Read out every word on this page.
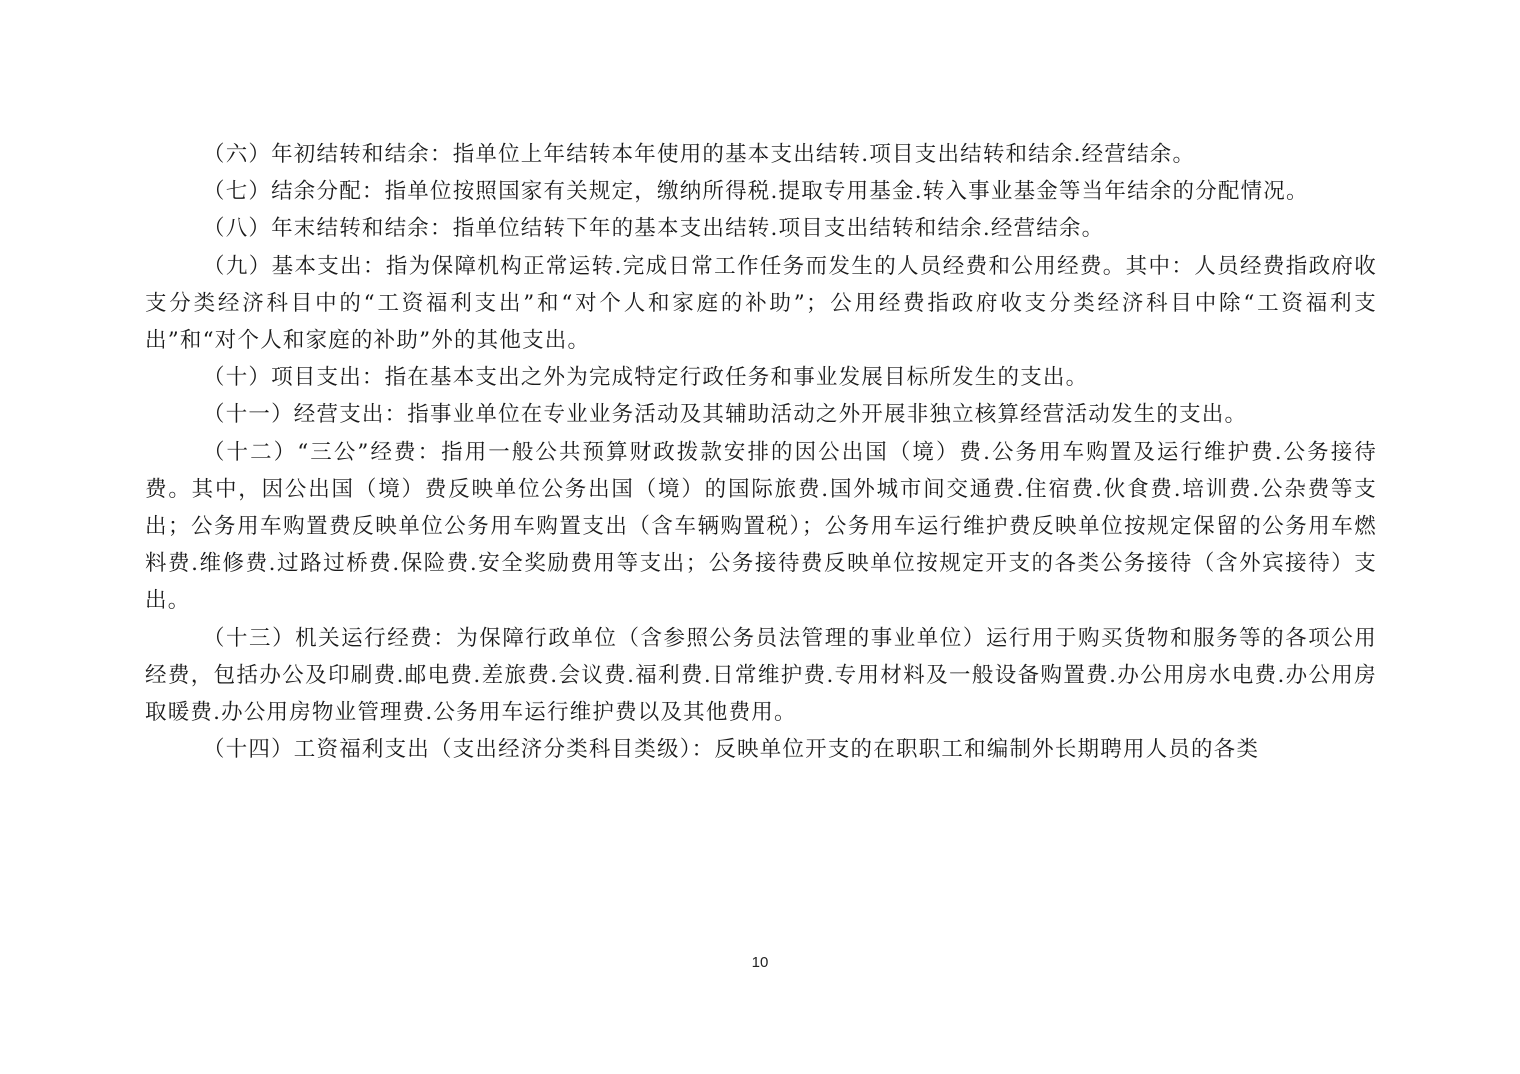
（六）年初结转和结余：指单位上年结转本年使用的基本支出结转.项目支出结转和结余.经营结余。

（七）结余分配：指单位按照国家有关规定，缴纳所得税.提取专用基金.转入事业基金等当年结余的分配情况。

（八）年末结转和结余：指单位结转下年的基本支出结转.项目支出结转和结余.经营结余。

（九）基本支出：指为保障机构正常运转.完成日常工作任务而发生的人员经费和公用经费。其中：人员经费指政府收支分类经济科目中的“工资福利支出”和“对个人和家庭的补助”；公用经费指政府收支分类经济科目中除“工资福利支出”和“对个人和家庭的补助”外的其他支出。

（十）项目支出：指在基本支出之外为完成特定行政任务和事业发展目标所发生的支出。

（十一）经营支出：指事业单位在专业业务活动及其辅助活动之外开展非独立核算经营活动发生的支出。

（十二）“三公”经费：指用一般公共预算财政拨款安排的因公出国（境）费.公务用车购置及运行维护费.公务接待费。其中，因公出国（境）费反映单位公务出国（境）的国际旅费.国外城市间交通费.住宿费.伙食费.培训费.公杂费等支出；公务用车购置费反映单位公务用车购置支出（含车辆购置税）；公务用车运行维护费反映单位按规定保留的公务用车燃料费.维修费.过路过桥费.保险费.安全奖励费用等支出；公务接待费反映单位按规定开支的各类公务接待（含外宾接待）支出。

（十三）机关运行经费：为保障行政单位（含参照公务员法管理的事业单位）运行用于购买货物和服务等的各项公用经费，包括办公及印刷费.邮电费.差旅费.会议费.福利费.日常维护费.专用材料及一般设备购置费.办公用房水电费.办公用房取暖费.办公用房物业管理费.公务用车运行维护费以及其他费用。

（十四）工资福利支出（支出经济分类科目类级）：反映单位开支的在职职工和编制外长期聘用人员的各类

10
